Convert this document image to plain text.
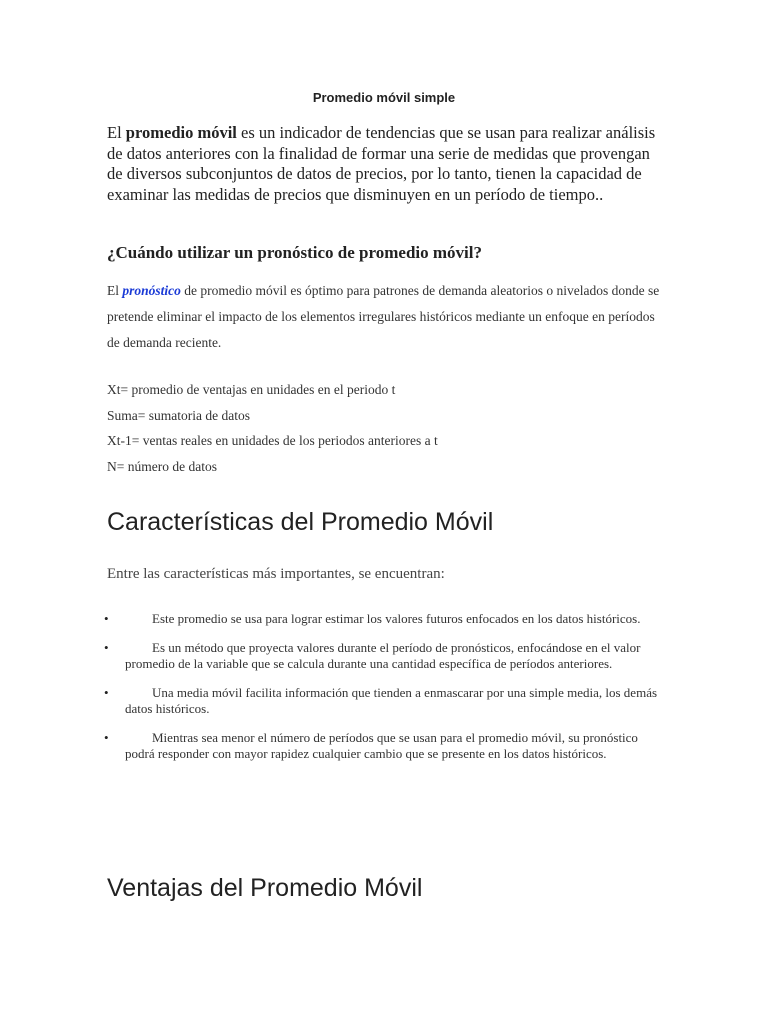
Promedio móvil simple

El promedio móvil es un indicador de tendencias que se usan para realizar análisis de datos anteriores con la finalidad de formar una serie de medidas que provengan de diversos subconjuntos de datos de precios, por lo tanto, tienen la capacidad de examinar las medidas de precios que disminuyen en un período de tiempo..

¿Cuándo utilizar un pronóstico de promedio móvil?

El pronóstico de promedio móvil es óptimo para patrones de demanda aleatorios o nivelados donde se pretende eliminar el impacto de los elementos irregulares históricos mediante un enfoque en períodos de demanda reciente.

Xt= promedio de ventajas en unidades en el periodo t
Suma= sumatoria de datos
Xt-1= ventas reales en unidades de los periodos anteriores a t
N= número de datos
Características del Promedio Móvil

Entre las características más importantes, se encuentran:

•	Este promedio se usa para lograr estimar los valores futuros enfocados en los datos históricos.
•	Es un método que proyecta valores durante el período de pronósticos, enfocándose en el valor promedio de la variable que se calcula durante una cantidad específica de períodos anteriores.
•	Una media móvil facilita información que tienden a enmascarar por una simple media, los demás datos históricos.
•	Mientras sea menor el número de períodos que se usan para el promedio móvil, su pronóstico podrá responder con mayor rapidez cualquier cambio que se presente en los datos históricos.
Ventajas del Promedio Móvil
